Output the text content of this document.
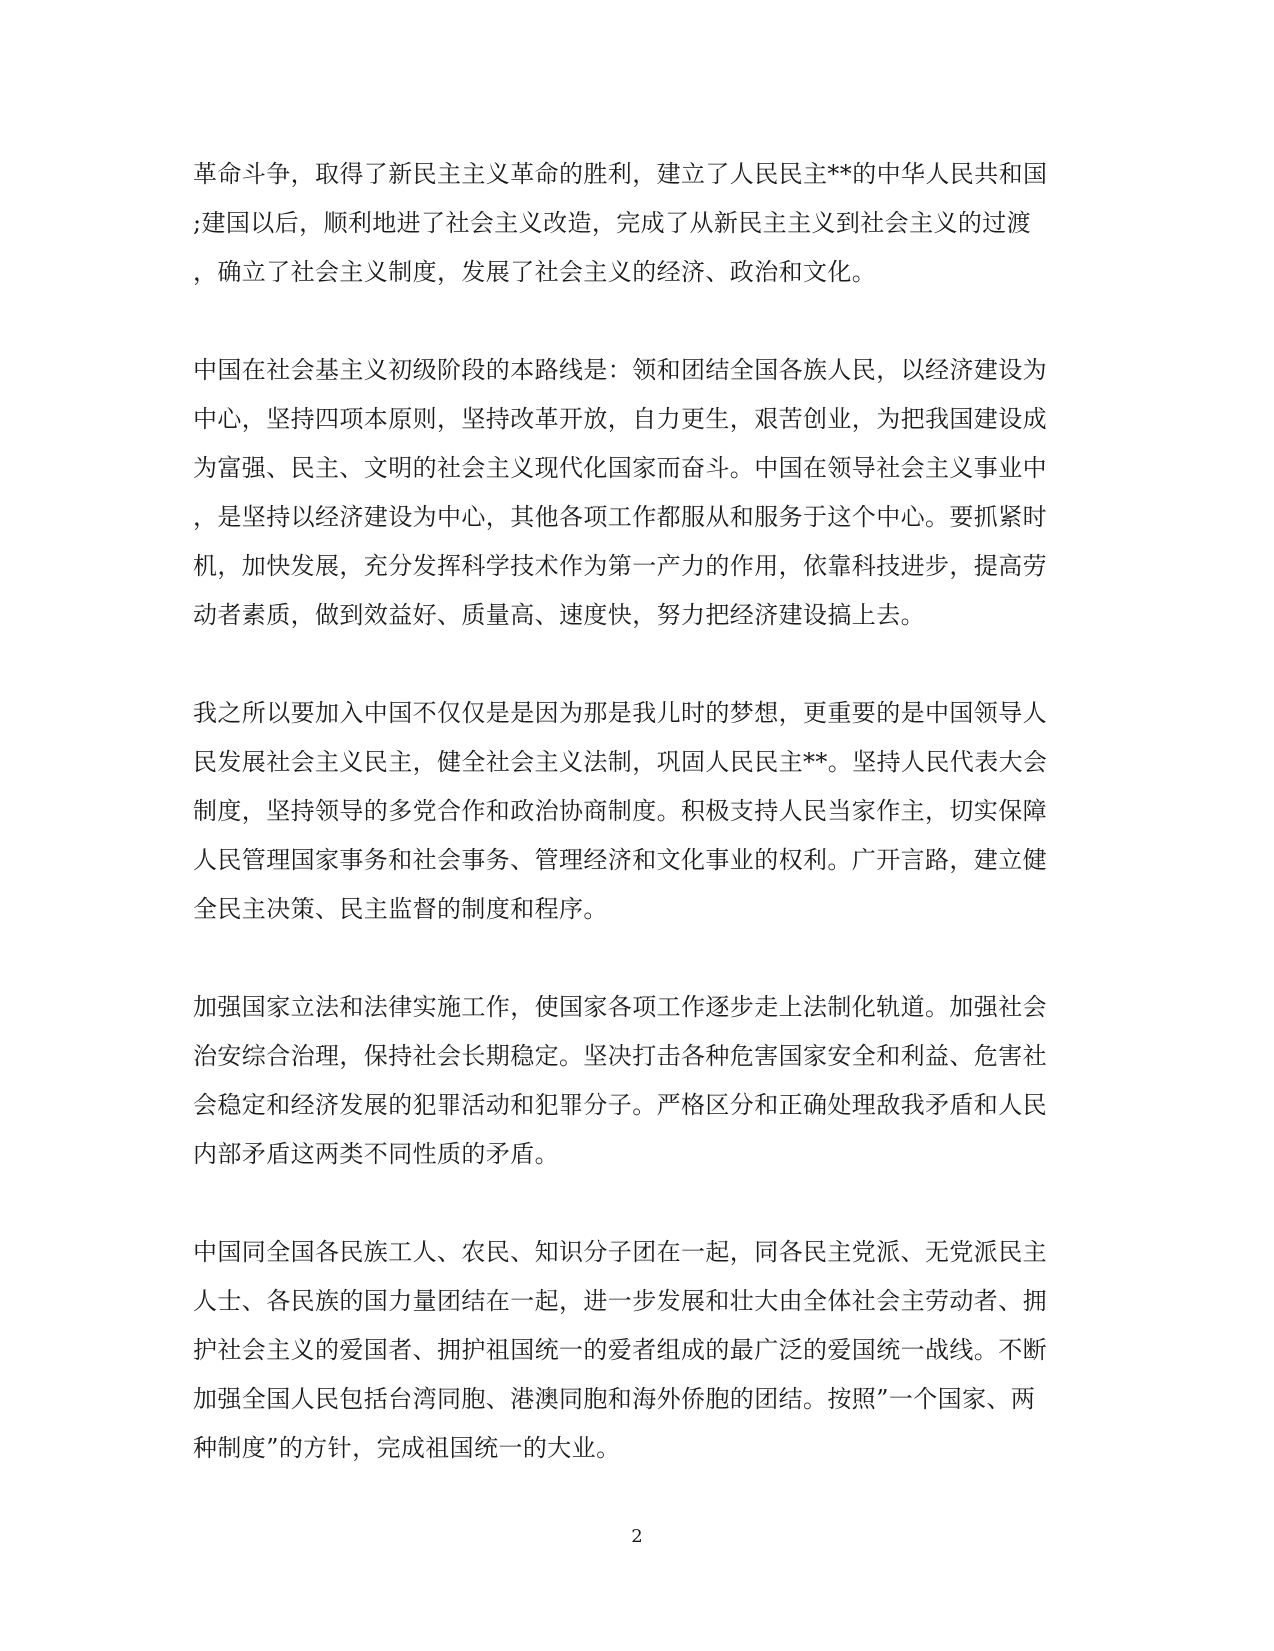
革命斗争，取得了新民主主义革命的胜利，建立了人民民主**的中华人民共和国
;建国以后，顺利地进了社会主义改造，完成了从新民主主义到社会主义的过渡
，确立了社会主义制度，发展了社会主义的经济、政治和文化。

中国在社会基主义初级阶段的本路线是：领和团结全国各族人民，以经济建设为
中心，坚持四项本原则，坚持改革开放，自力更生，艰苦创业，为把我国建设成
为富强、民主、文明的社会主义现代化国家而奋斗。中国在领导社会主义事业中
，是坚持以经济建设为中心，其他各项工作都服从和服务于这个中心。要抓紧时
机，加快发展，充分发挥科学技术作为第一产力的作用，依靠科技进步，提高劳
动者素质，做到效益好、质量高、速度快，努力把经济建设搞上去。

我之所以要加入中国不仅仅是是因为那是我儿时的梦想，更重要的是中国领导人
民发展社会主义民主，健全社会主义法制，巩固人民民主**。坚持人民代表大会
制度，坚持领导的多党合作和政治协商制度。积极支持人民当家作主，切实保障
人民管理国家事务和社会事务、管理经济和文化事业的权利。广开言路，建立健
全民主决策、民主监督的制度和程序。

加强国家立法和法律实施工作，使国家各项工作逐步走上法制化轨道。加强社会
治安综合治理，保持社会长期稳定。坚决打击各种危害国家安全和利益、危害社
会稳定和经济发展的犯罪活动和犯罪分子。严格区分和正确处理敌我矛盾和人民
内部矛盾这两类不同性质的矛盾。

中国同全国各民族工人、农民、知识分子团在一起，同各民主党派、无党派民主
人士、各民族的国力量团结在一起，进一步发展和壮大由全体社会主劳动者、拥
护社会主义的爱国者、拥护祖国统一的爱者组成的最广泛的爱国统一战线。不断
加强全国人民包括台湾同胞、港澳同胞和海外侨胞的团结。按照”一个国家、两
种制度”的方针，完成祖国统一的大业。

2
